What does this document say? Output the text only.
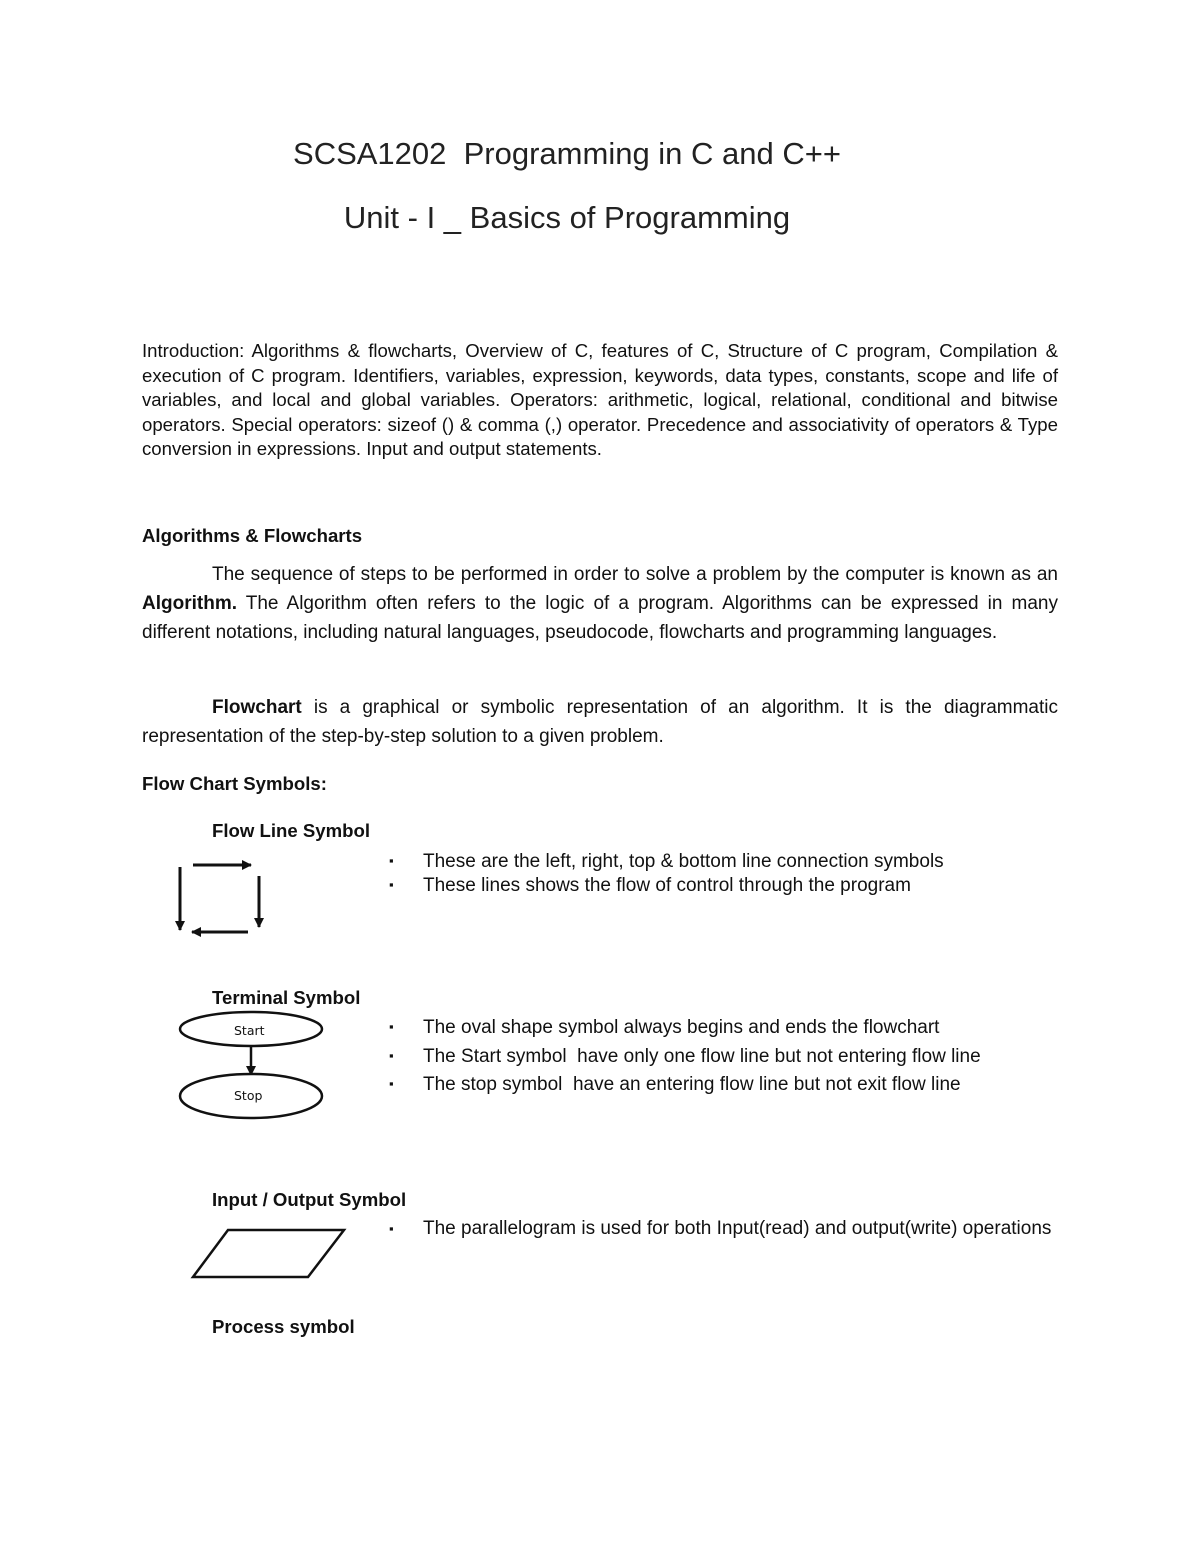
SCSA1202  Programming in C and C++
Unit - I _ Basics of Programming
Introduction: Algorithms & flowcharts, Overview of C, features of C, Structure of C program, Compilation & execution of C program. Identifiers, variables, expression, keywords, data types, constants, scope and life of variables, and local and global variables. Operators: arithmetic, logical, relational, conditional and bitwise operators. Special operators: sizeof () & comma (,) operator. Precedence and associativity of operators & Type conversion in expressions. Input and output statements.
Algorithms & Flowcharts
The sequence of steps to be performed in order to solve a problem by the computer is known as an Algorithm. The Algorithm often refers to the logic of a program. Algorithms can be expressed in many different notations, including natural languages, pseudocode, flowcharts and programming languages.
Flowchart is a graphical or symbolic representation of an algorithm. It is the diagrammatic representation of the step-by-step solution to a given problem.
Flow Chart Symbols:
Flow Line Symbol
▪ These are the left, right, top & bottom line connection symbols
▪ These lines shows the flow of control through the program
Terminal Symbol
Start
Stop
▪ The oval shape symbol always begins and ends the flowchart
▪ The Start symbol  have only one flow line but not entering flow line
▪ The stop symbol  have an entering flow line but not exit flow line
Input / Output Symbol
▪ The parallelogram is used for both Input(read) and output(write) operations
Process symbol
